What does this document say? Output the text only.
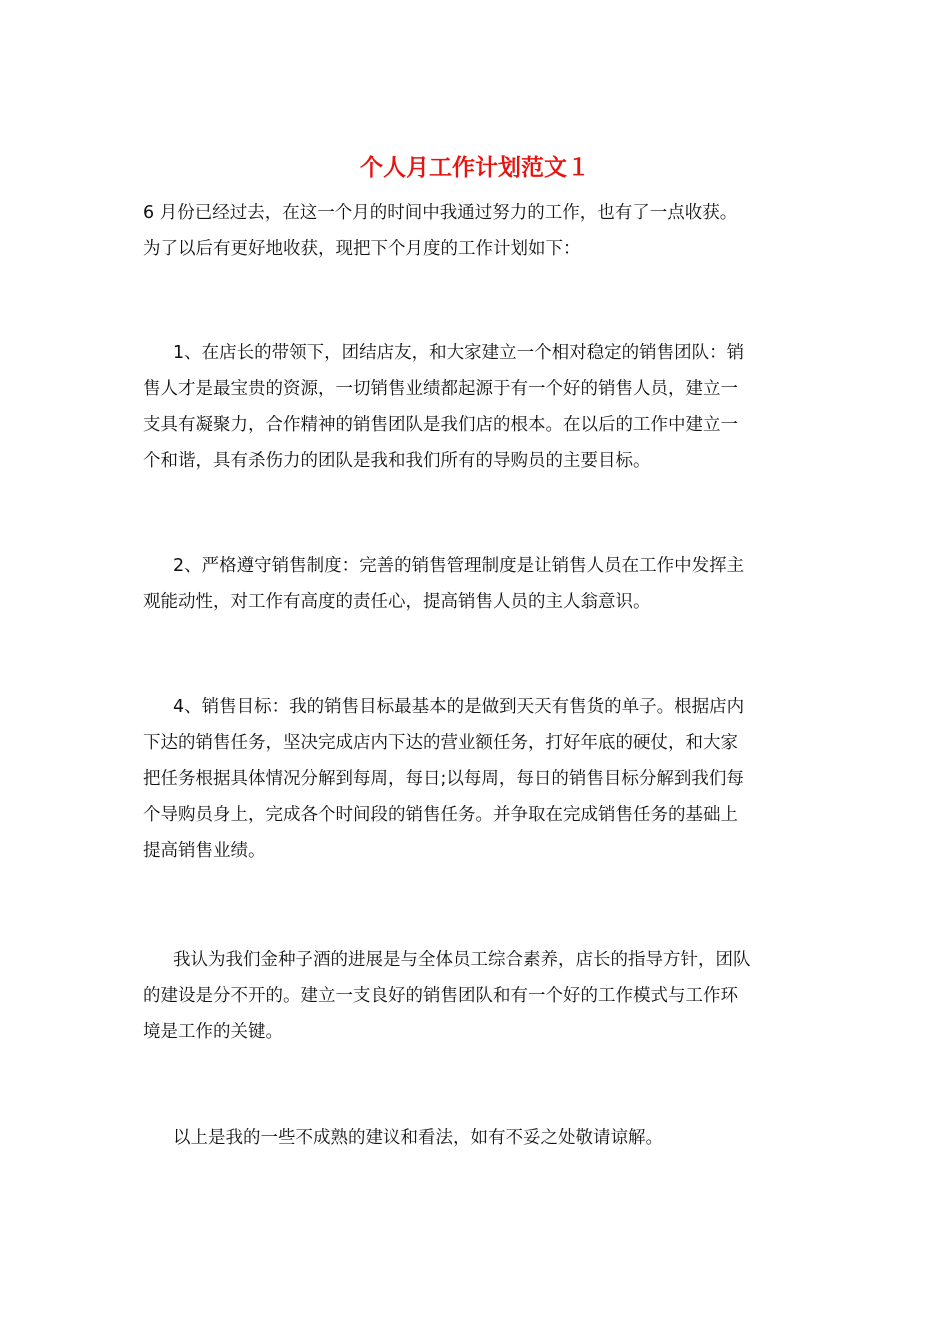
个人月工作计划范文１
6 月份已经过去，在这一个月的时间中我通过努力的工作，也有了一点收获。
为了以后有更好地收获，现把下个月度的工作计划如下：
1、在店长的带领下，团结店友，和大家建立一个相对稳定的销售团队：销
售人才是最宝贵的资源，一切销售业绩都起源于有一个好的销售人员，建立一
支具有凝聚力，合作精神的销售团队是我们店的根本。在以后的工作中建立一
个和谐，具有杀伤力的团队是我和我们所有的导购员的主要目标。
2、严格遵守销售制度：完善的销售管理制度是让销售人员在工作中发挥主
观能动性，对工作有高度的责任心，提高销售人员的主人翁意识。
4、销售目标：我的销售目标最基本的是做到天天有售货的单子。根据店内
下达的销售任务，坚决完成店内下达的营业额任务，打好年底的硬仗，和大家
把任务根据具体情况分解到每周，每日;以每周，每日的销售目标分解到我们每
个导购员身上，完成各个时间段的销售任务。并争取在完成销售任务的基础上
提高销售业绩。
我认为我们金种子酒的进展是与全体员工综合素养，店长的指导方针，团队
的建设是分不开的。建立一支良好的销售团队和有一个好的工作模式与工作环
境是工作的关键。
以上是我的一些不成熟的建议和看法，如有不妥之处敬请谅解。
